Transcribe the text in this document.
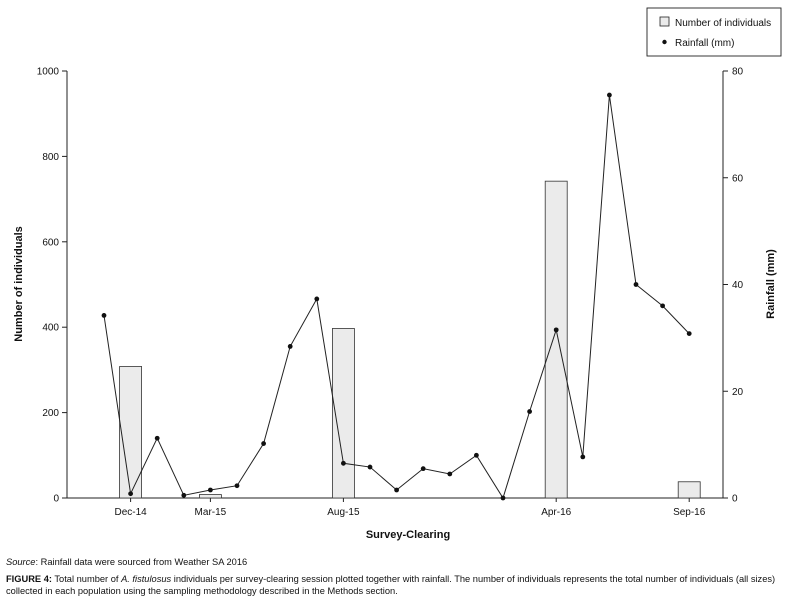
Number of individuals
Rainfall (mm)
0
200
400
600
800
1000
0
20
40
60
80
Dec-14	Mar-15	Aug-15	Apr-16	Sep-16
Number of individuals	Rainfall (mm)
Survey-Clearing
Source: Rainfall data were sourced from Weather SA 2016
FIGURE 4: Total number of A. fistulosus individuals per survey-clearing session plotted together with rainfall. The number of individuals represents the total number of individuals (all sizes) collected in each population using the sampling methodology described in the Methods section.
